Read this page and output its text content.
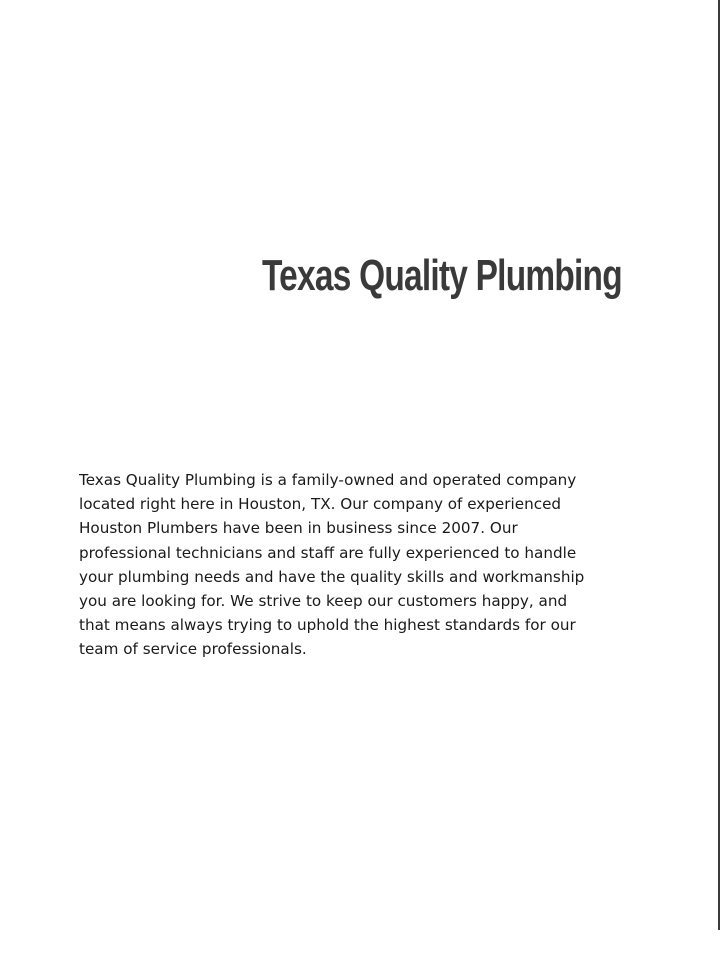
Texas Quality Plumbing

Texas Quality Plumbing is a family-owned and operated company located right here in Houston, TX. Our company of experienced Houston Plumbers have been in business since 2007. Our professional technicians and staff are fully experienced to handle your plumbing needs and have the quality skills and workmanship you are looking for. We strive to keep our customers happy, and that means always trying to uphold the highest standards for our team of service professionals.
